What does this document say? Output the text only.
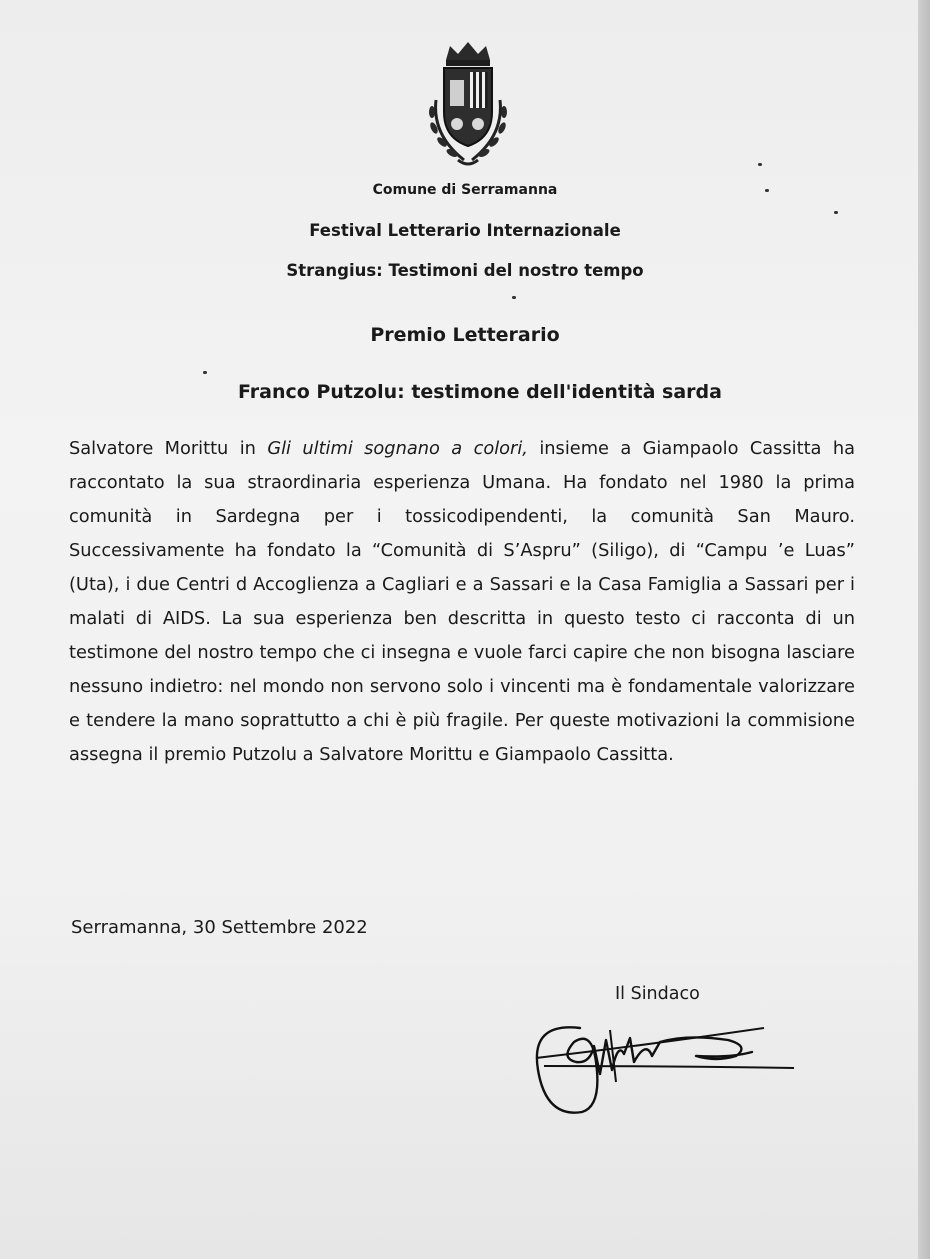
Comune di Serramanna
Festival Letterario Internazionale
Strangius: Testimoni del nostro tempo
Premio Letterario
Franco Putzolu: testimone dell'identità sarda
Salvatore Morittu in Gli ultimi sognano a colori, insieme a Giampaolo Cassitta ha raccontato la sua straordinaria esperienza Umana. Ha fondato nel 1980 la prima comunità in Sardegna per i tossicodipendenti, la comunità San Mauro. Successivamente ha fondato la “Comunità di S’Aspru” (Siligo), di “Campu ’e Luas” (Uta), i due Centri d Accoglienza a Cagliari e a Sassari e la Casa Famiglia a Sassari per i malati di AIDS. La sua esperienza ben descritta in questo testo ci racconta di un testimone del nostro tempo che ci insegna e vuole farci capire che non bisogna lasciare nessuno indietro: nel mondo non servono solo i vincenti ma è fondamentale valorizzare e tendere la mano soprattutto a chi è più fragile. Per queste motivazioni la commisione assegna il premio Putzolu a Salvatore Morittu e Giampaolo Cassitta.
Serramanna, 30 Settembre 2022
Il Sindaco
